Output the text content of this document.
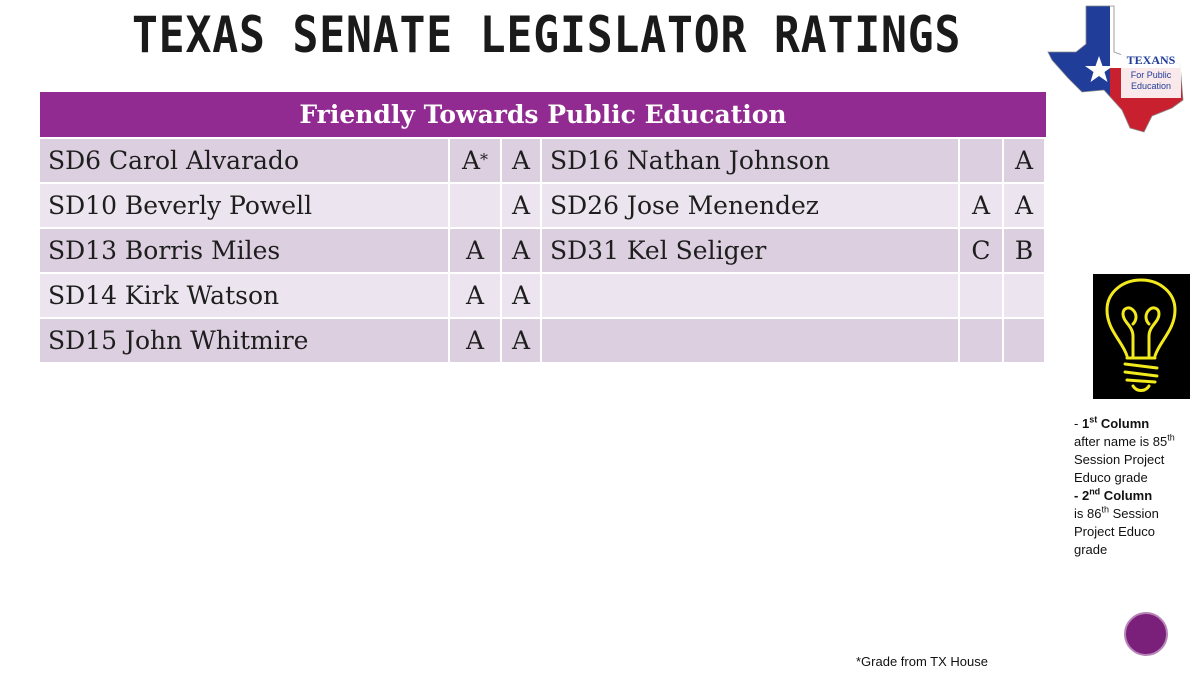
TEXAS SENATE LEGISLATOR RATINGS	TEXANS
For Public
Education
Friendly Towards Public Education					
SD6 Carol Alvarado	A*	A	SD16 Nathan Johnson		A
SD10 Beverly Powell		A	SD26 Jose Menendez	A	A
SD13 Borris Miles	A	A	SD31 Kel Seliger	C	B
SD14 Kirk Watson	A	A			
SD15 John Whitmire	A	A			
- 1st Column
after name is 85th Session Project Educo grade
- 2nd Column
is 86th Session Project Educo grade
*Grade from TX House
